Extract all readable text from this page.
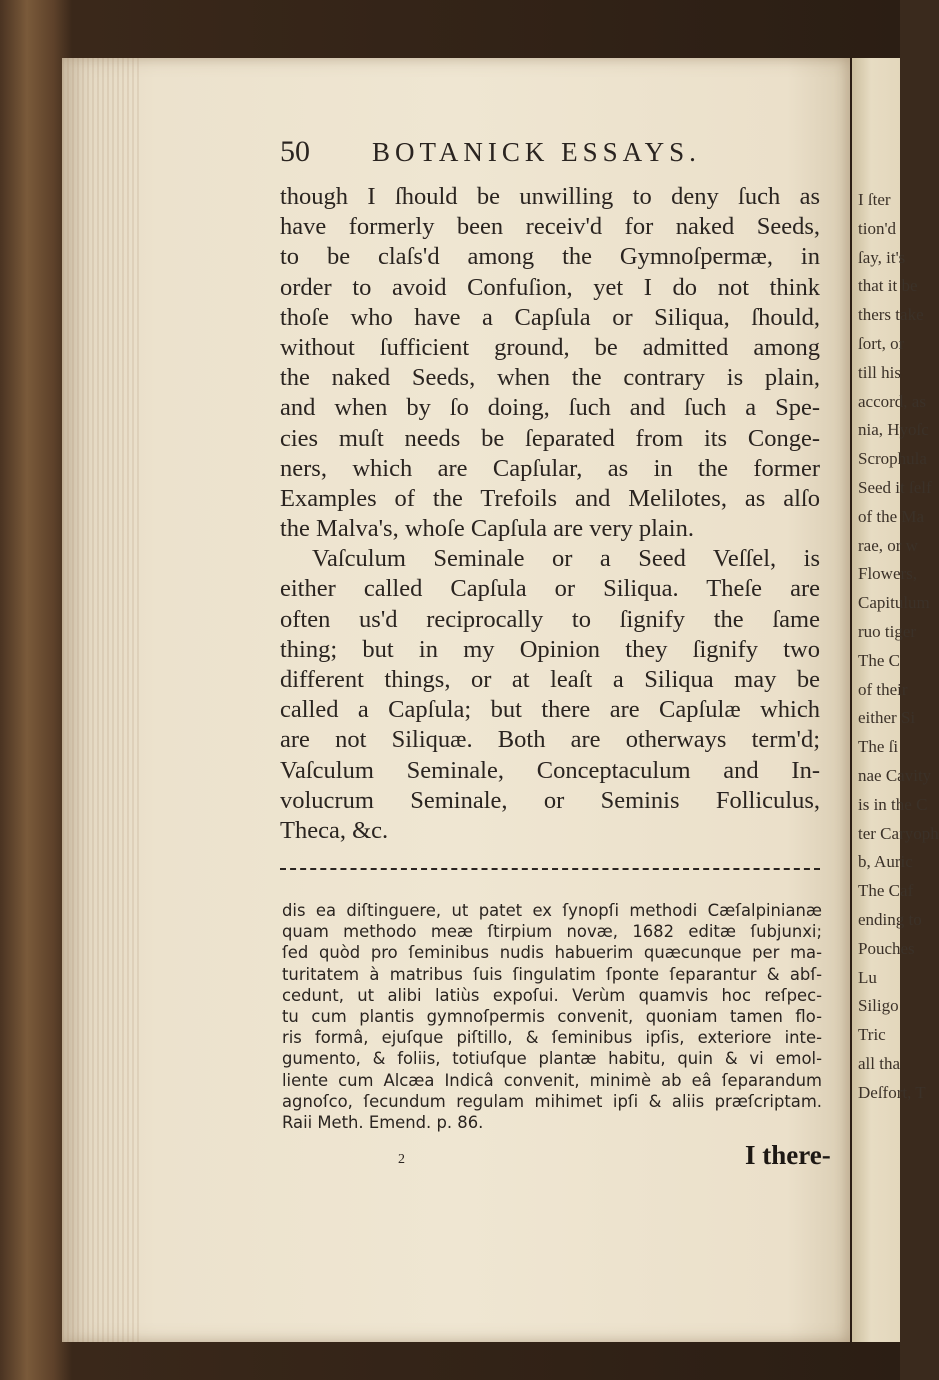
I ſter
tion'd
ſay, it's
that it be
thers take
ſort, or
till his
accord, as
nia, Hyoſc
Scrophula
Seed it ſelf
of the Ma
rae, or w
Flowers,
Capitulum
ruo tiger
The C
of their
either Si
The ſi
nae Cavity
is in the C
ter Caryoph
b, Auric
The Caf
ending to
Pouches
Lu
Siligo
Tric
all tha
Deſfort, T
50 BOTANICK ESSAYS.
though I ſhould be unwilling to deny ſuch as
have formerly been receiv'd for naked Seeds,
to be claſs'd among the Gymnoſpermæ, in
order to avoid Confuſion, yet I do not think
thoſe who have a Capſula or Siliqua, ſhould,
without ſufficient ground, be admitted among
the naked Seeds, when the contrary is plain,
and when by ſo doing, ſuch and ſuch a Spe-
cies muſt needs be ſeparated from its Conge-
ners, which are Capſular, as in the former
Examples of the Trefoils and Melilotes, as alſo
the Malva's, whoſe Capſula are very plain.
Vaſculum Seminale or a Seed Veſſel, is
either called Capſula or Siliqua. Theſe are
often us'd reciprocally to ſignify the ſame
thing; but in my Opinion they ſignify two
different things, or at leaſt a Siliqua may be
called a Capſula; but there are Capſulæ which
are not Siliquæ. Both are otherways term'd;
Vaſculum Seminale, Conceptaculum and In-
volucrum Seminale, or Seminis Folliculus,
Theca, &c.
dis ea diſtinguere, ut patet ex ſynopſi methodi Cæſalpinianæ
quam methodo meæ ſtirpium novæ, 1682 editæ ſubjunxi;
ſed quòd pro ſeminibus nudis habuerim quæcunque per ma-
turitatem à matribus ſuis ſingulatim ſponte ſeparantur & abſ-
cedunt, ut alibi latiùs expoſui. Verùm quamvis hoc reſpec-
tu cum plantis gymnoſpermis convenit, quoniam tamen flo-
ris formâ, ejuſque piſtillo, & ſeminibus ipſis, exteriore inte-
gumento, & foliis, totiuſque plantæ habitu, quin & vi emol-
liente cum Alcæa Indicâ convenit, minimè ab eâ ſeparandum
agnoſco, ſecundum regulam mihimet ipſi & aliis præſcriptam.
Raii Meth. Emend. p. 86.
2	I there-
